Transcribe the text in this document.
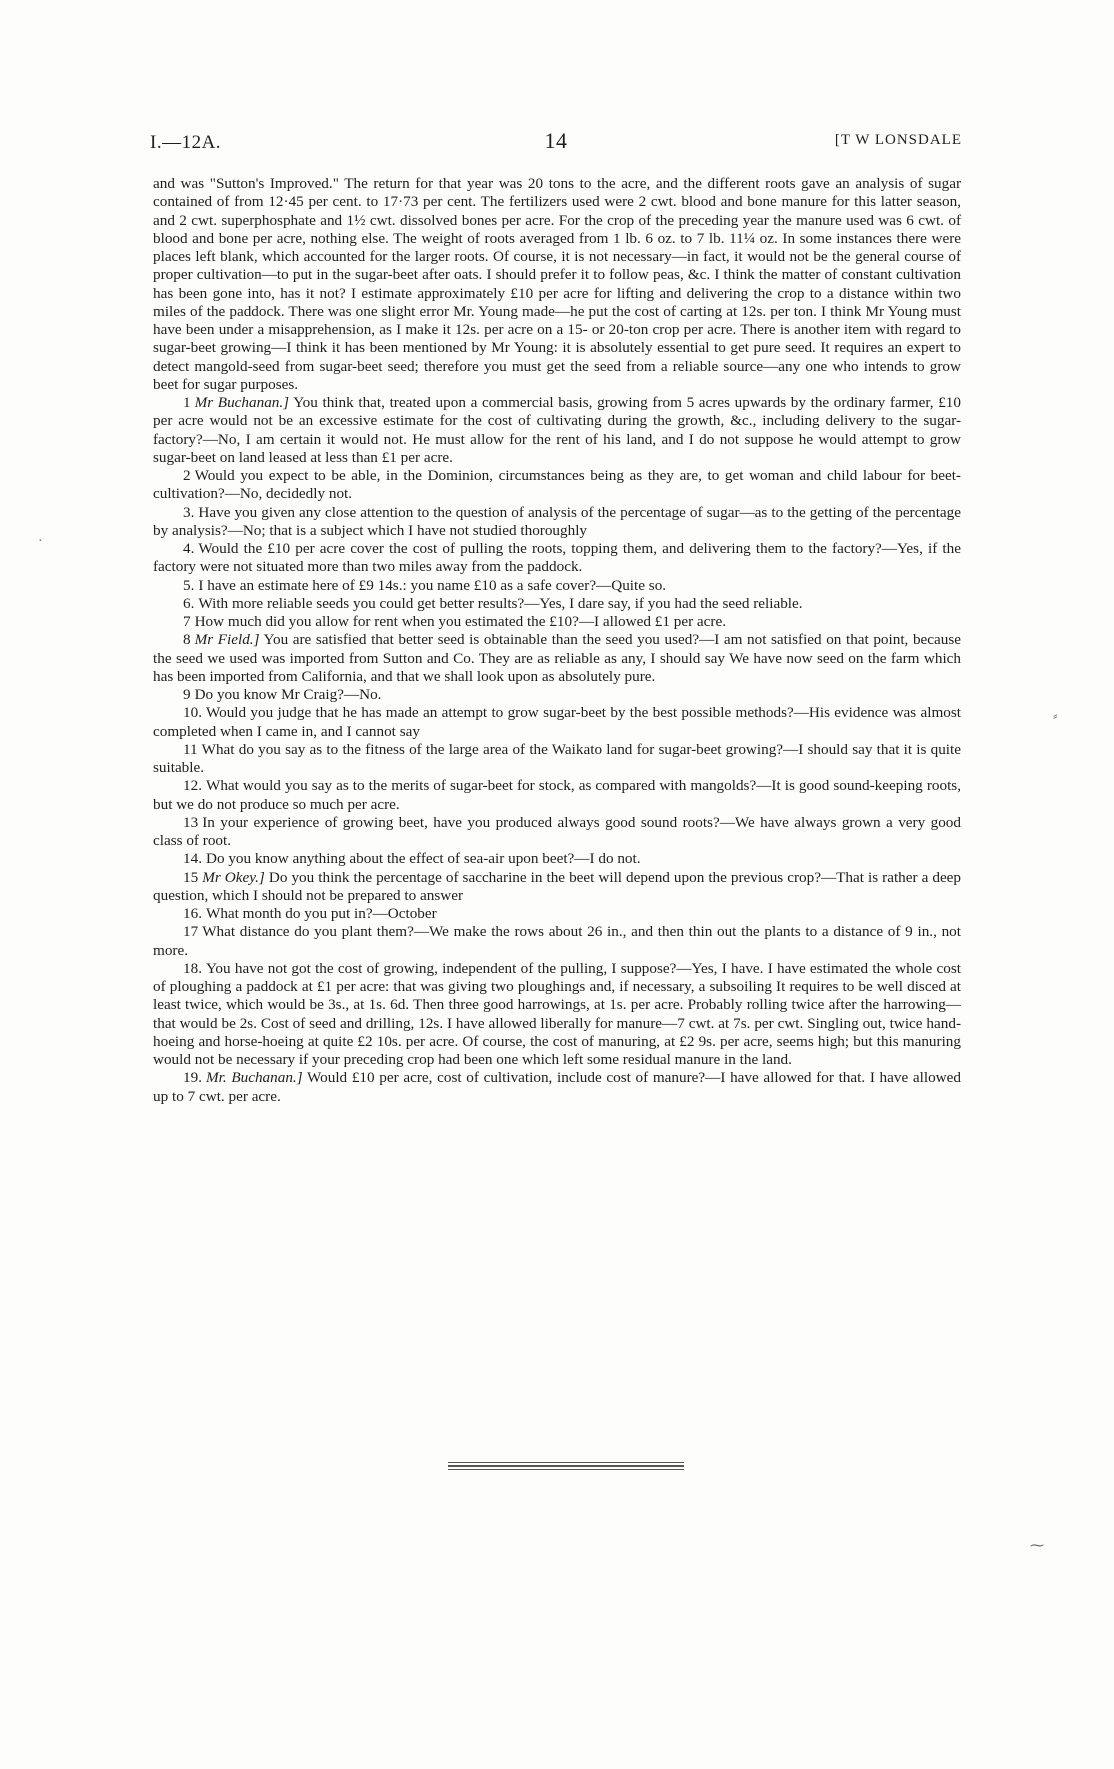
I.—12A.	14	[T W LONSDALE

and was "Sutton's Improved." The return for that year was 20 tons to the acre, and the different roots gave an analysis of sugar contained of from 12·45 per cent. to 17·73 per cent. The fertilizers used were 2 cwt. blood and bone manure for this latter season, and 2 cwt. superphosphate and 1½ cwt. dissolved bones per acre. For the crop of the preceding year the manure used was 6 cwt. of blood and bone per acre, nothing else. The weight of roots averaged from 1 lb. 6 oz. to 7 lb. 11¼ oz. In some instances there were places left blank, which accounted for the larger roots. Of course, it is not necessary—in fact, it would not be the general course of proper cultivation—to put in the sugar-beet after oats. I should prefer it to follow peas, &c. I think the matter of constant cultivation has been gone into, has it not? I estimate approximately £10 per acre for lifting and delivering the crop to a distance within two miles of the paddock. There was one slight error Mr. Young made—he put the cost of carting at 12s. per ton. I think Mr Young must have been under a misapprehension, as I make it 12s. per acre on a 15- or 20-ton crop per acre. There is another item with regard to sugar-beet growing—I think it has been mentioned by Mr Young: it is absolutely essential to get pure seed. It requires an expert to detect mangold-seed from sugar-beet seed; therefore you must get the seed from a reliable source—any one who intends to grow beet for sugar purposes.

1 Mr Buchanan.] You think that, treated upon a commercial basis, growing from 5 acres upwards by the ordinary farmer, £10 per acre would not be an excessive estimate for the cost of cultivating during the growth, &c., including delivery to the sugar-factory?—No, I am certain it would not. He must allow for the rent of his land, and I do not suppose he would attempt to grow sugar-beet on land leased at less than £1 per acre.

2 Would you expect to be able, in the Dominion, circumstances being as they are, to get woman and child labour for beet-cultivation?—No, decidedly not.

3. Have you given any close attention to the question of analysis of the percentage of sugar—as to the getting of the percentage by analysis?—No; that is a subject which I have not studied thoroughly

4. Would the £10 per acre cover the cost of pulling the roots, topping them, and delivering them to the factory?—Yes, if the factory were not situated more than two miles away from the paddock.

5. I have an estimate here of £9 14s.: you name £10 as a safe cover?—Quite so.

6. With more reliable seeds you could get better results?—Yes, I dare say, if you had the seed reliable.

7 How much did you allow for rent when you estimated the £10?—I allowed £1 per acre.

8 Mr Field.] You are satisfied that better seed is obtainable than the seed you used?—I am not satisfied on that point, because the seed we used was imported from Sutton and Co. They are as reliable as any, I should say We have now seed on the farm which has been imported from California, and that we shall look upon as absolutely pure.

9 Do you know Mr Craig?—No.

10. Would you judge that he has made an attempt to grow sugar-beet by the best possible methods?—His evidence was almost completed when I came in, and I cannot say

11 What do you say as to the fitness of the large area of the Waikato land for sugar-beet growing?—I should say that it is quite suitable.

12. What would you say as to the merits of sugar-beet for stock, as compared with mangolds?—It is good sound-keeping roots, but we do not produce so much per acre.

13 In your experience of growing beet, have you produced always good sound roots?—We have always grown a very good class of root.

14. Do you know anything about the effect of sea-air upon beet?—I do not.

15 Mr Okey.] Do you think the percentage of saccharine in the beet will depend upon the previous crop?—That is rather a deep question, which I should not be prepared to answer

16. What month do you put in?—October

17 What distance do you plant them?—We make the rows about 26 in., and then thin out the plants to a distance of 9 in., not more.

18. You have not got the cost of growing, independent of the pulling, I suppose?—Yes, I have. I have estimated the whole cost of ploughing a paddock at £1 per acre: that was giving two ploughings and, if necessary, a subsoiling It requires to be well disced at least twice, which would be 3s., at 1s. 6d. Then three good harrowings, at 1s. per acre. Probably rolling twice after the harrowing—that would be 2s. Cost of seed and drilling, 12s. I have allowed liberally for manure—7 cwt. at 7s. per cwt. Singling out, twice hand-hoeing and horse-hoeing at quite £2 10s. per acre. Of course, the cost of manuring, at £2 9s. per acre, seems high; but this manuring would not be necessary if your preceding crop had been one which left some residual manure in the land.

19. Mr. Buchanan.] Would £10 per acre, cost of cultivation, include cost of manure?—I have allowed for that. I have allowed up to 7 cwt. per acre.

⸗
⁓
·
